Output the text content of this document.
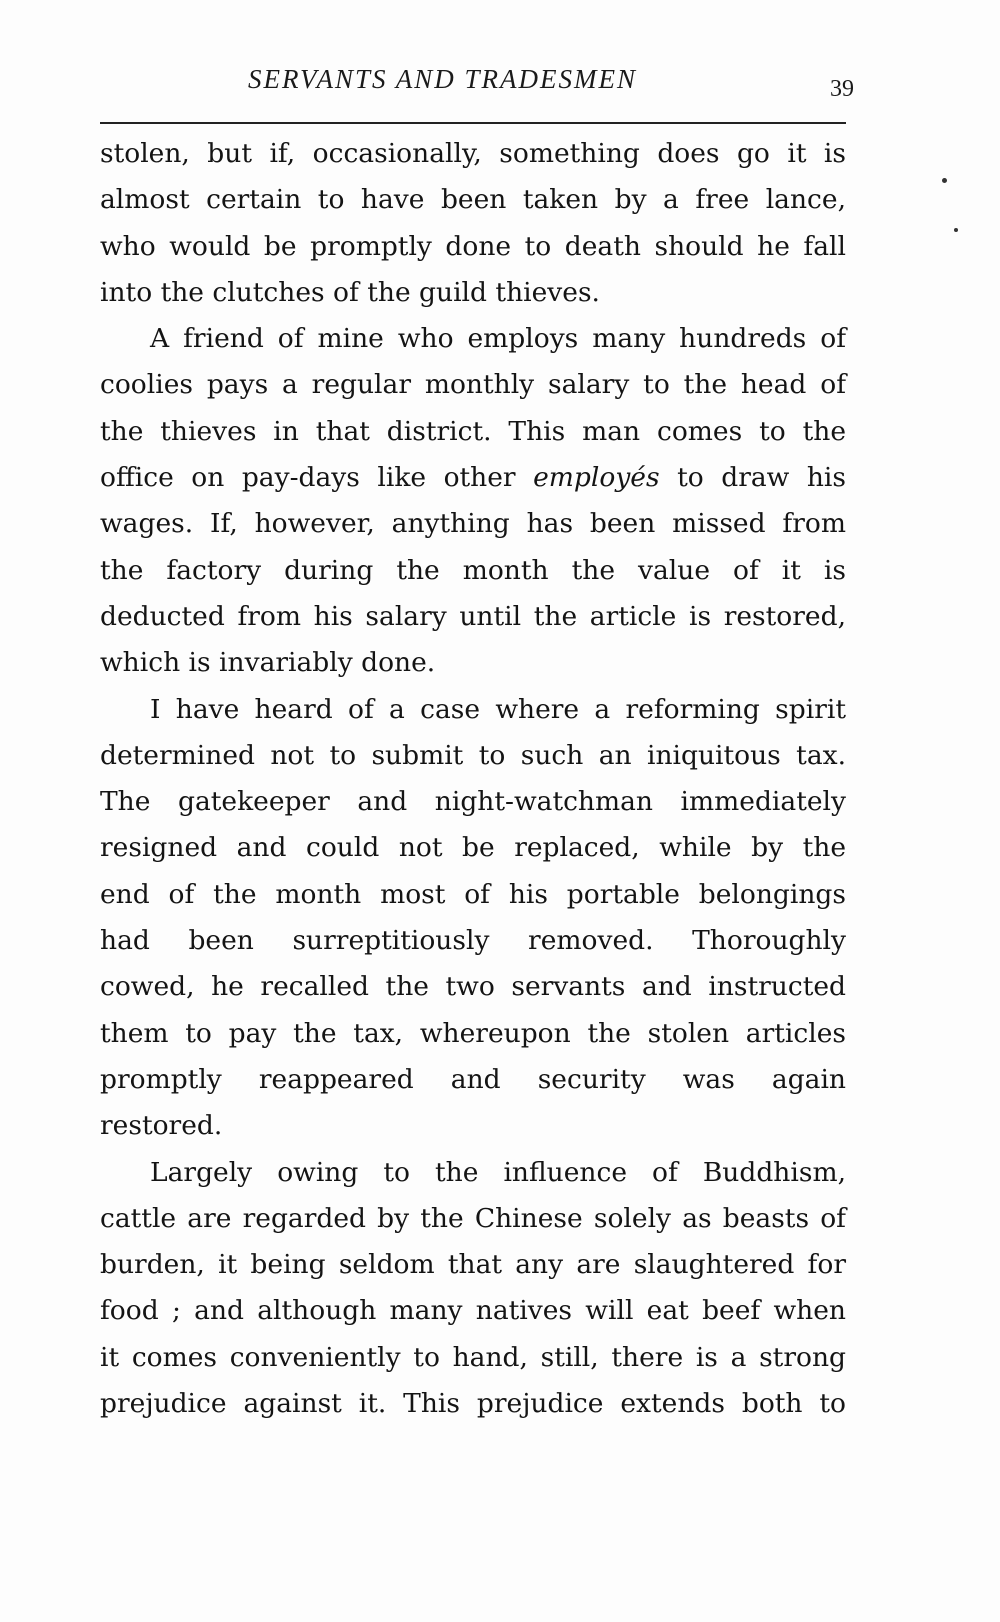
SERVANTS AND TRADESMEN	39
stolen, but if, occasionally, something does go it is
almost certain to have been taken by a free lance,
who would be promptly done to death should he fall
into the clutches of the guild thieves.
A friend of mine who employs many hundreds of
coolies pays a regular monthly salary to the head of
the thieves in that district. This man comes to the
office on pay-days like other employés to draw his
wages. If, however, anything has been missed from
the factory during the month the value of it is
deducted from his salary until the article is restored,
which is invariably done.
I have heard of a case where a reforming spirit
determined not to submit to such an iniquitous tax.
The gatekeeper and night-watchman immediately
resigned and could not be replaced, while by the
end of the month most of his portable belongings
had been surreptitiously removed. Thoroughly
cowed, he recalled the two servants and instructed
them to pay the tax, whereupon the stolen articles
promptly reappeared and security was again
restored.
Largely owing to the influence of Buddhism,
cattle are regarded by the Chinese solely as beasts of
burden, it being seldom that any are slaughtered for
food ; and although many natives will eat beef when
it comes conveniently to hand, still, there is a strong
prejudice against it. This prejudice extends both to
